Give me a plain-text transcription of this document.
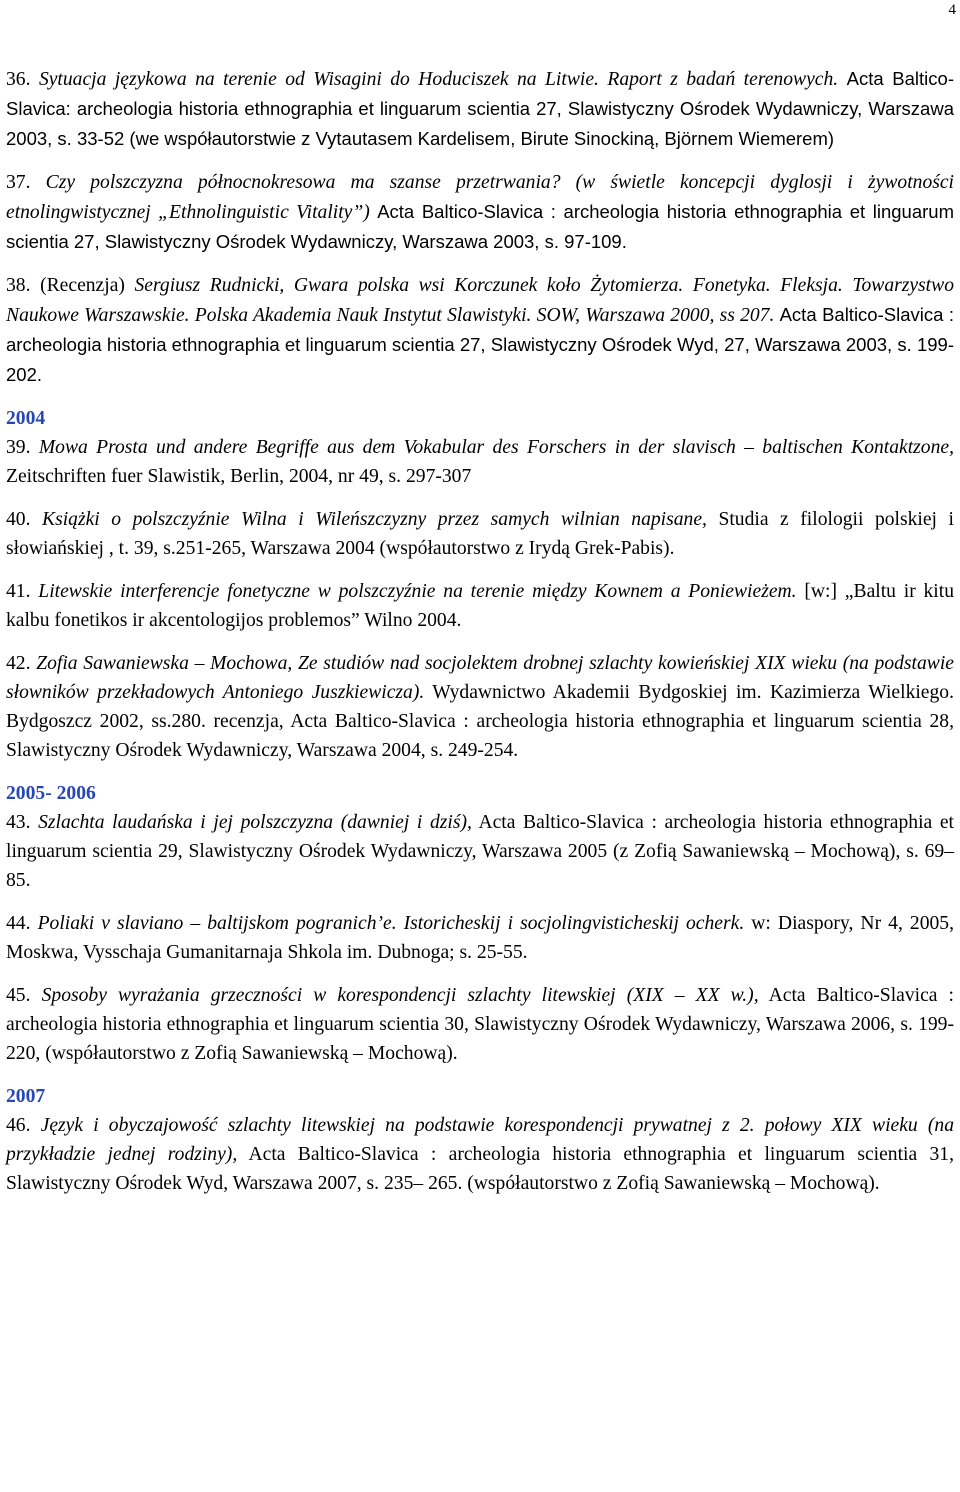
4

36. Sytuacja językowa na terenie od Wisagini do Hoduciszek na Litwie. Raport z badań terenowych. Acta Baltico-Slavica: archeologia historia ethnographia et linguarum scientia 27, Slawistyczny Ośrodek Wydawniczy, Warszawa 2003, s. 33-52 (we współautorstwie z Vytautasem Kardelisem, Birute Sinockiną, Björnem Wiemerem)

37. Czy polszczyzna północnokresowa ma szanse przetrwania? (w świetle koncepcji dyglosji i żywotności etnolingwistycznej „Ethnolinguistic Vitality”) Acta Baltico-Slavica : archeologia historia ethnographia et linguarum scientia 27, Slawistyczny Ośrodek Wydawniczy, Warszawa 2003, s. 97-109.

38. (Recenzja) Sergiusz Rudnicki, Gwara polska wsi Korczunek koło Żytomierza. Fonetyka. Fleksja. Towarzystwo Naukowe Warszawskie. Polska Akademia Nauk Instytut Slawistyki. SOW, Warszawa 2000, ss 207. Acta Baltico-Slavica : archeologia historia ethnographia et linguarum scientia 27, Slawistyczny Ośrodek Wyd, 27, Warszawa 2003, s. 199-202.

2004

39. Mowa Prosta und andere Begriffe aus dem Vokabular des Forschers in der slavisch – baltischen Kontaktzone, Zeitschriften fuer Slawistik, Berlin, 2004, nr 49, s. 297-307

40. Książki o polszczyźnie Wilna i Wileńszczyzny przez samych wilnian napisane, Studia z filologii polskiej i słowiańskiej , t. 39, s.251-265, Warszawa 2004 (współautorstwo z Irydą Grek-Pabis).

41. Litewskie interferencje fonetyczne w polszczyźnie na terenie między Kownem a Poniewieżem. [w:] „Baltu ir kitu kalbu fonetikos ir akcentologijos problemos” Wilno 2004.

42. Zofia Sawaniewska – Mochowa, Ze studiów nad socjolektem drobnej szlachty kowieńskiej XIX wieku (na podstawie słowników przekładowych Antoniego Juszkiewicza). Wydawnictwo Akademii Bydgoskiej im. Kazimierza Wielkiego. Bydgoszcz 2002, ss.280. recenzja, Acta Baltico-Slavica : archeologia historia ethnographia et linguarum scientia 28, Slawistyczny Ośrodek Wydawniczy, Warszawa 2004, s. 249-254.

2005- 2006

43. Szlachta laudańska i jej polszczyzna (dawniej i dziś), Acta Baltico-Slavica : archeologia historia ethnographia et linguarum scientia 29, Slawistyczny Ośrodek Wydawniczy, Warszawa 2005 (z Zofią Sawaniewską – Mochową), s. 69–85.

44. Poliaki v slaviano – baltijskom pogranich’e. Istoricheskij i socjolingvisticheskij ocherk. w: Diaspory, Nr 4, 2005, Moskwa, Vysschaja Gumanitarnaja Shkola im. Dubnoga; s. 25-55.

45. Sposoby wyrażania grzeczności w korespondencji szlachty litewskiej (XIX – XX w.), Acta Baltico-Slavica : archeologia historia ethnographia et linguarum scientia 30, Slawistyczny Ośrodek Wydawniczy, Warszawa 2006, s. 199-220, (współautorstwo z Zofią Sawaniewską – Mochową).

2007

46. Język i obyczajowość szlachty litewskiej na podstawie korespondencji prywatnej z 2. połowy XIX wieku (na przykładzie jednej rodziny), Acta Baltico-Slavica : archeologia historia ethnographia et linguarum scientia 31, Slawistyczny Ośrodek Wyd, Warszawa 2007, s. 235– 265. (współautorstwo z Zofią Sawaniewską – Mochową).
